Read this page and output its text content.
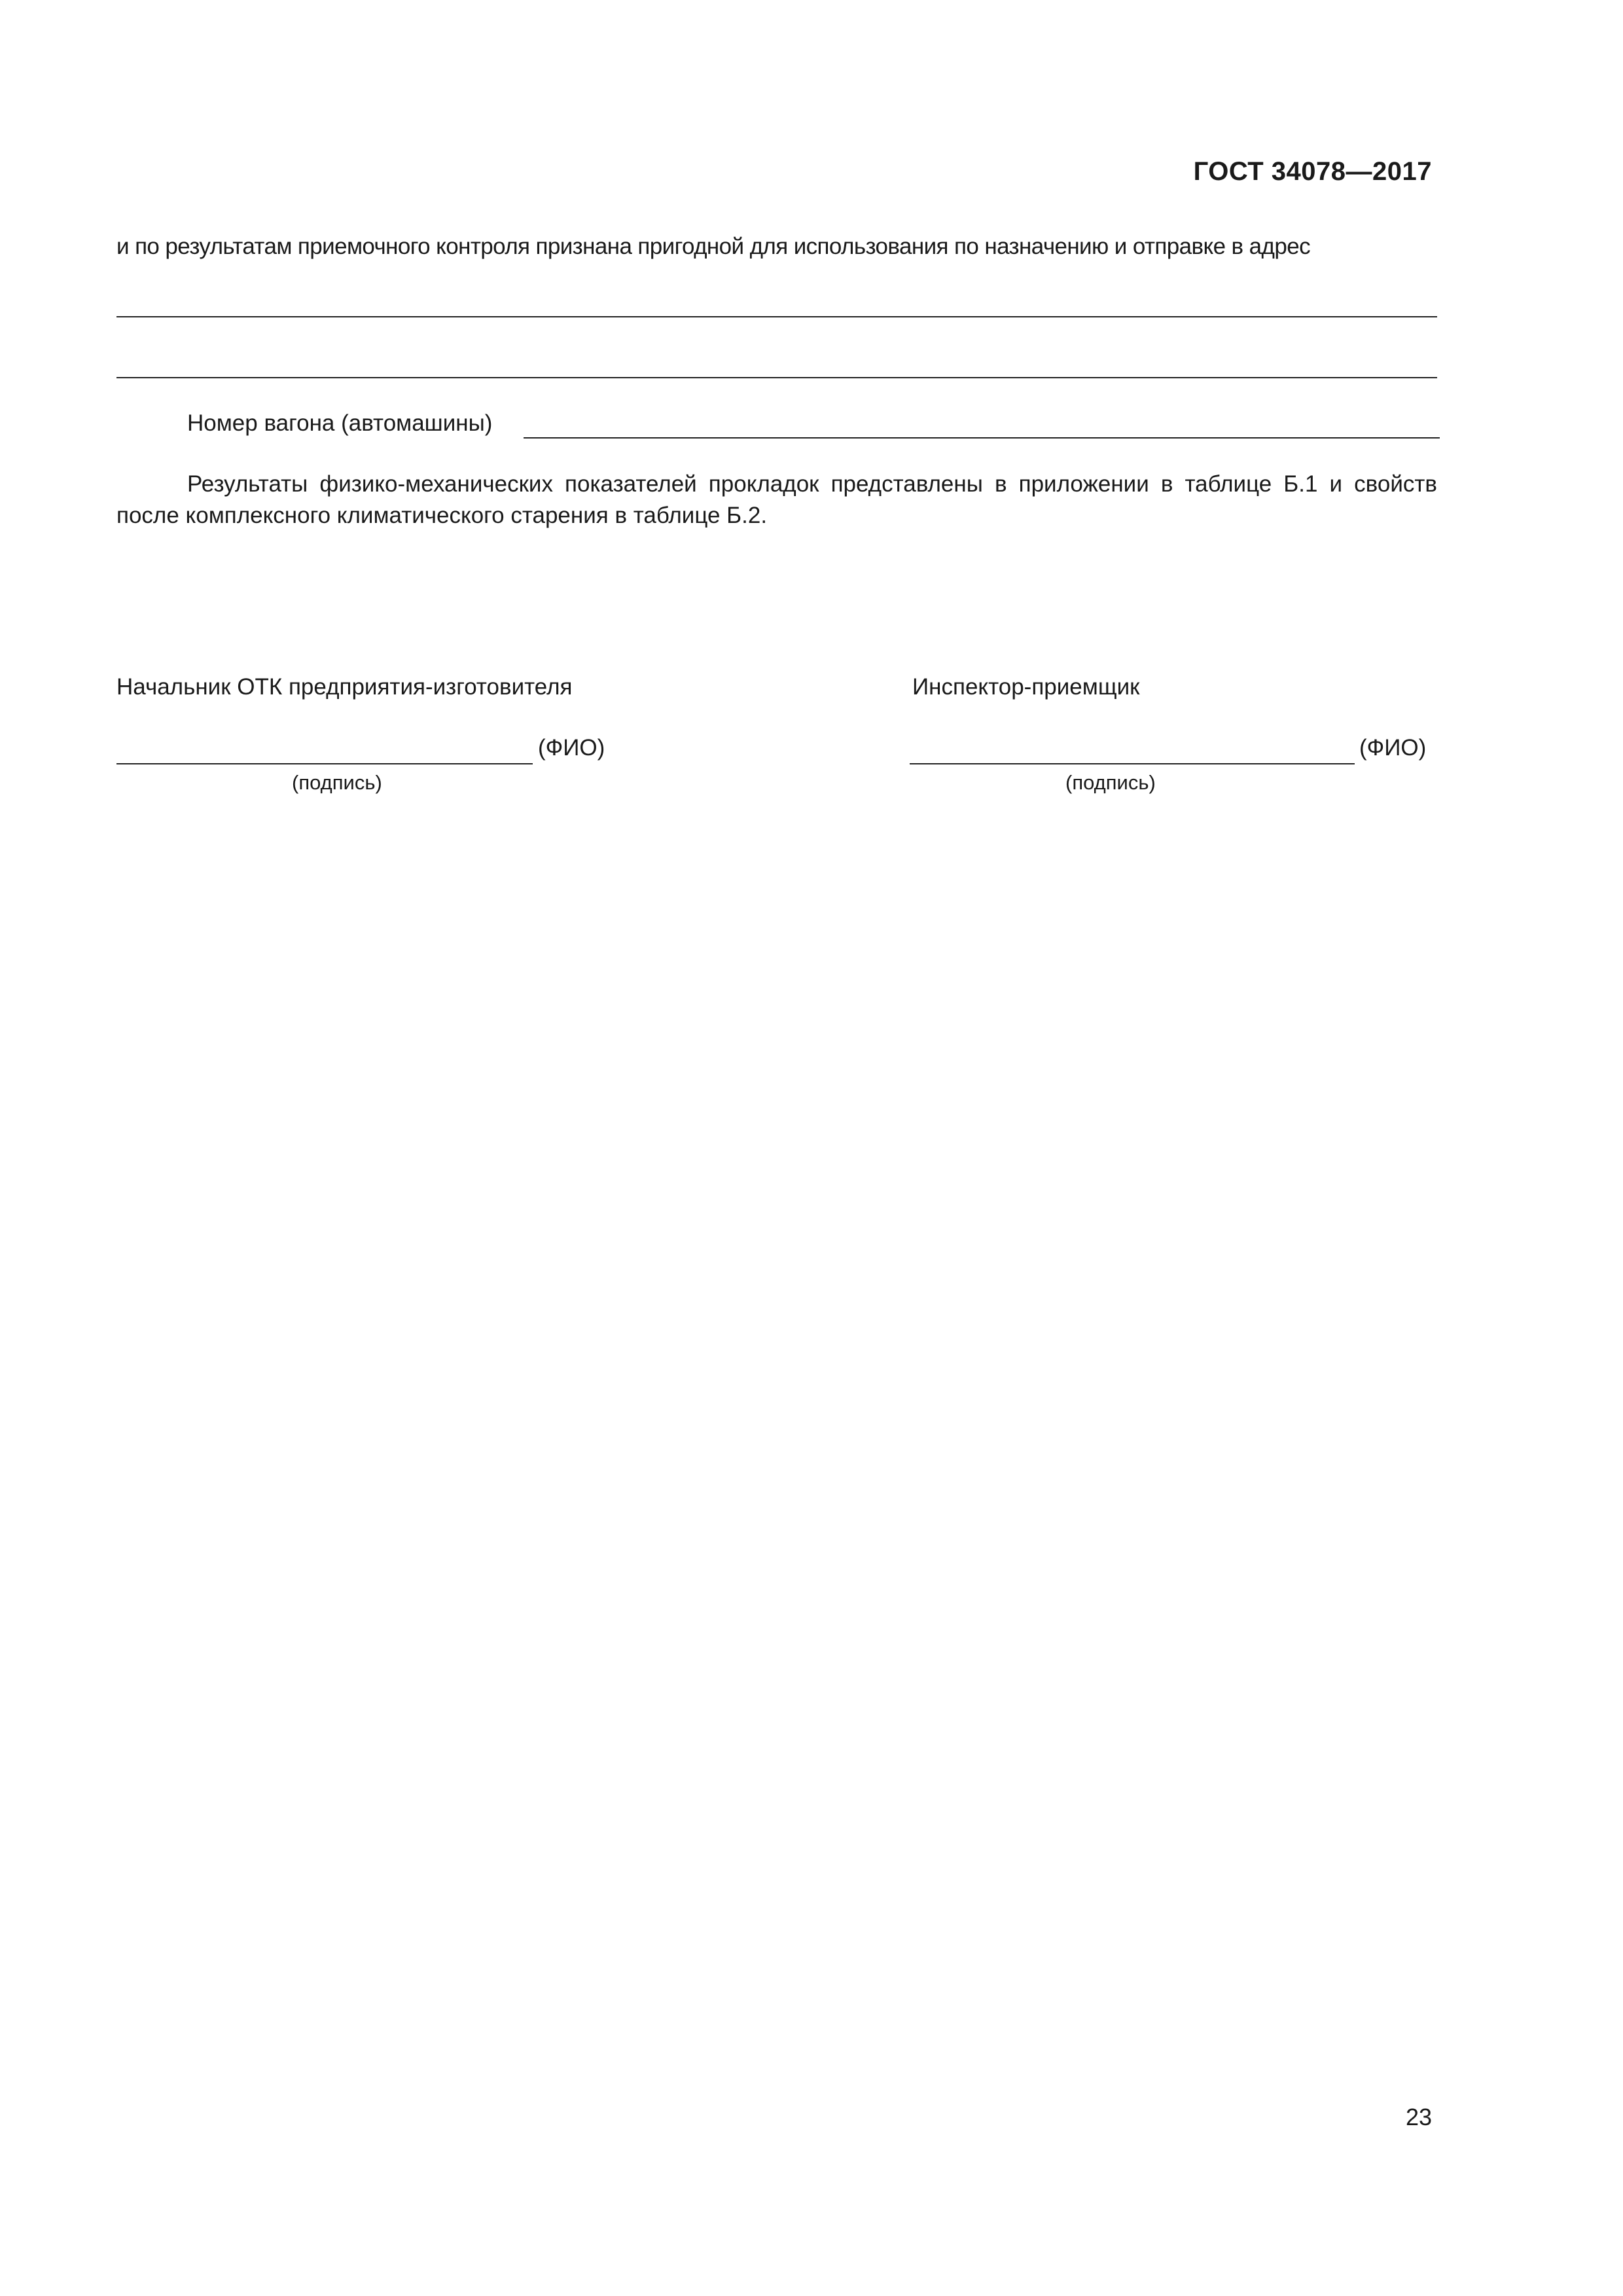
ГОСТ 34078—2017
и по результатам приемочного контроля признана пригодной для использования по назначению и отправке в адрес
Номер вагона (автомашины)
Результаты физико-механических показателей прокладок представлены в приложении в таблице Б.1 и свойств после комплексного климатического старения в таблице Б.2.
Начальник ОТК предприятия-изготовителя
(ФИО)
(подпись)
Инспектор-приемщик
(ФИО)
(подпись)
23
